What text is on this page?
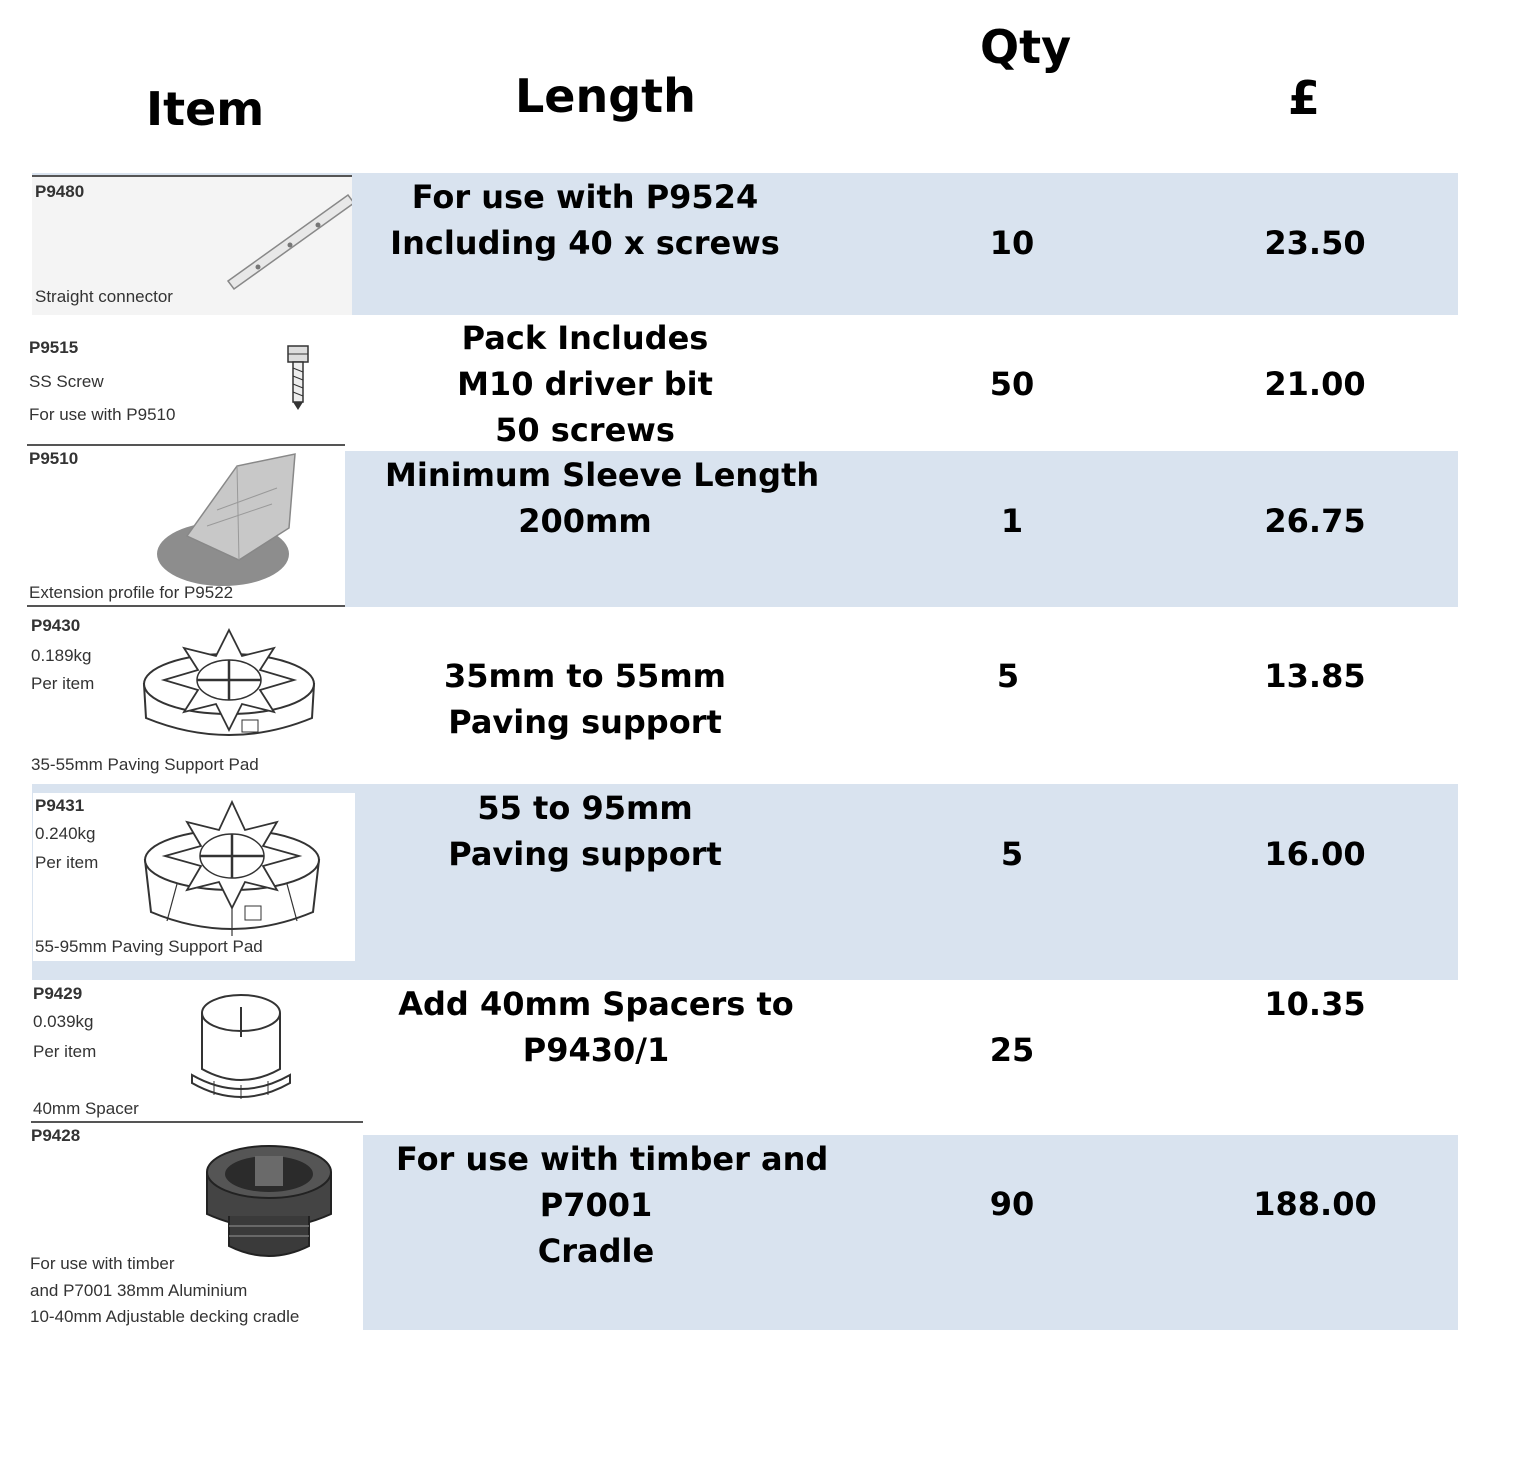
Item	Length
Qty
£
P9480
Straight connector
P9515
SS Screw
For use with P9510
P9510
Extension profile for P9522
P9430
0.189kg
Per item
35-55mm Paving Support Pad
P9431
0.240kg
Per item
55-95mm Paving Support Pad
P9429
0.039kg
Per item
40mm Spacer
P9428
For use with timber
and P7001 38mm Aluminium
10-40mm Adjustable decking cradle
For use with P9524
Including 40 x screws
Pack Includes
M10 driver bit
50 screws
Minimum Sleeve Length
200mm
35mm to 55mm
Paving support
55 to 95mm
Paving support
Add 40mm Spacers to
P9430/1
For use with timber and
P7001
Cradle
10
50
1
5
5
25
90
23.50
21.00
26.75
13.85
16.00
10.35
188.00
